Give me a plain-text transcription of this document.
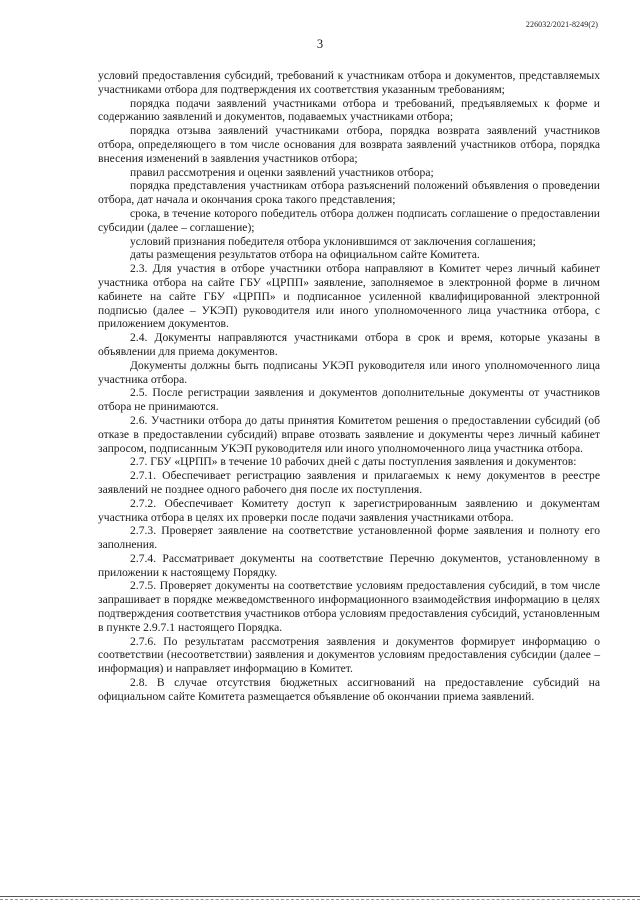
226032/2021-8249(2)
3

условий предоставления субсидий, требований к участникам отбора и документов, представляемых участниками отбора для подтверждения их соответствия указанным требованиям;

порядка подачи заявлений участниками отбора и требований, предъявляемых к форме и содержанию заявлений и документов, подаваемых участниками отбора;

порядка отзыва заявлений участниками отбора, порядка возврата заявлений участников отбора, определяющего в том числе основания для возврата заявлений участников отбора, порядка внесения изменений в заявления участников отбора;

правил рассмотрения и оценки заявлений участников отбора;

порядка представления участникам отбора разъяснений положений объявления о проведении отбора, дат начала и окончания срока такого представления;

срока, в течение которого победитель отбора должен подписать соглашение о предоставлении субсидии (далее – соглашение);

условий признания победителя отбора уклонившимся от заключения соглашения;

даты размещения результатов отбора на официальном сайте Комитета.

2.3. Для участия в отборе участники отбора направляют в Комитет через личный кабинет участника отбора на сайте ГБУ «ЦРПП» заявление, заполняемое в электронной форме в личном кабинете на сайте ГБУ «ЦРПП» и подписанное усиленной квалифицированной электронной подписью (далее – УКЭП) руководителя или иного уполномоченного лица участника отбора, с приложением документов.

2.4. Документы направляются участниками отбора в срок и время, которые указаны в объявлении для приема документов.

Документы должны быть подписаны УКЭП руководителя или иного уполномоченного лица участника отбора.

2.5. После регистрации заявления и документов дополнительные документы от участников отбора не принимаются.

2.6. Участники отбора до даты принятия Комитетом решения о предоставлении субсидий (об отказе в предоставлении субсидий) вправе отозвать заявление и документы через личный кабинет запросом, подписанным УКЭП руководителя или иного уполномоченного лица участника отбора.

2.7. ГБУ «ЦРПП» в течение 10 рабочих дней с даты поступления заявления и документов:

2.7.1. Обеспечивает регистрацию заявления и прилагаемых к нему документов в реестре заявлений не позднее одного рабочего дня после их поступления.

2.7.2. Обеспечивает Комитету доступ к зарегистрированным заявлению и документам участника отбора в целях их проверки после подачи заявления участниками отбора.

2.7.3. Проверяет заявление на соответствие установленной форме заявления и полноту его заполнения.

2.7.4. Рассматривает документы на соответствие Перечню документов, установленному в приложении к настоящему Порядку.

2.7.5. Проверяет документы на соответствие условиям предоставления субсидий, в том числе запрашивает в порядке межведомственного информационного взаимодействия информацию в целях подтверждения соответствия участников отбора условиям предоставления субсидий, установленным в пункте 2.9.7.1 настоящего Порядка.

2.7.6. По результатам рассмотрения заявления и документов формирует информацию о соответствии (несоответствии) заявления и документов условиям предоставления субсидии (далее – информация) и направляет информацию в Комитет.

2.8. В случае отсутствия бюджетных ассигнований на предоставление субсидий на официальном сайте Комитета размещается объявление об окончании приема заявлений.
